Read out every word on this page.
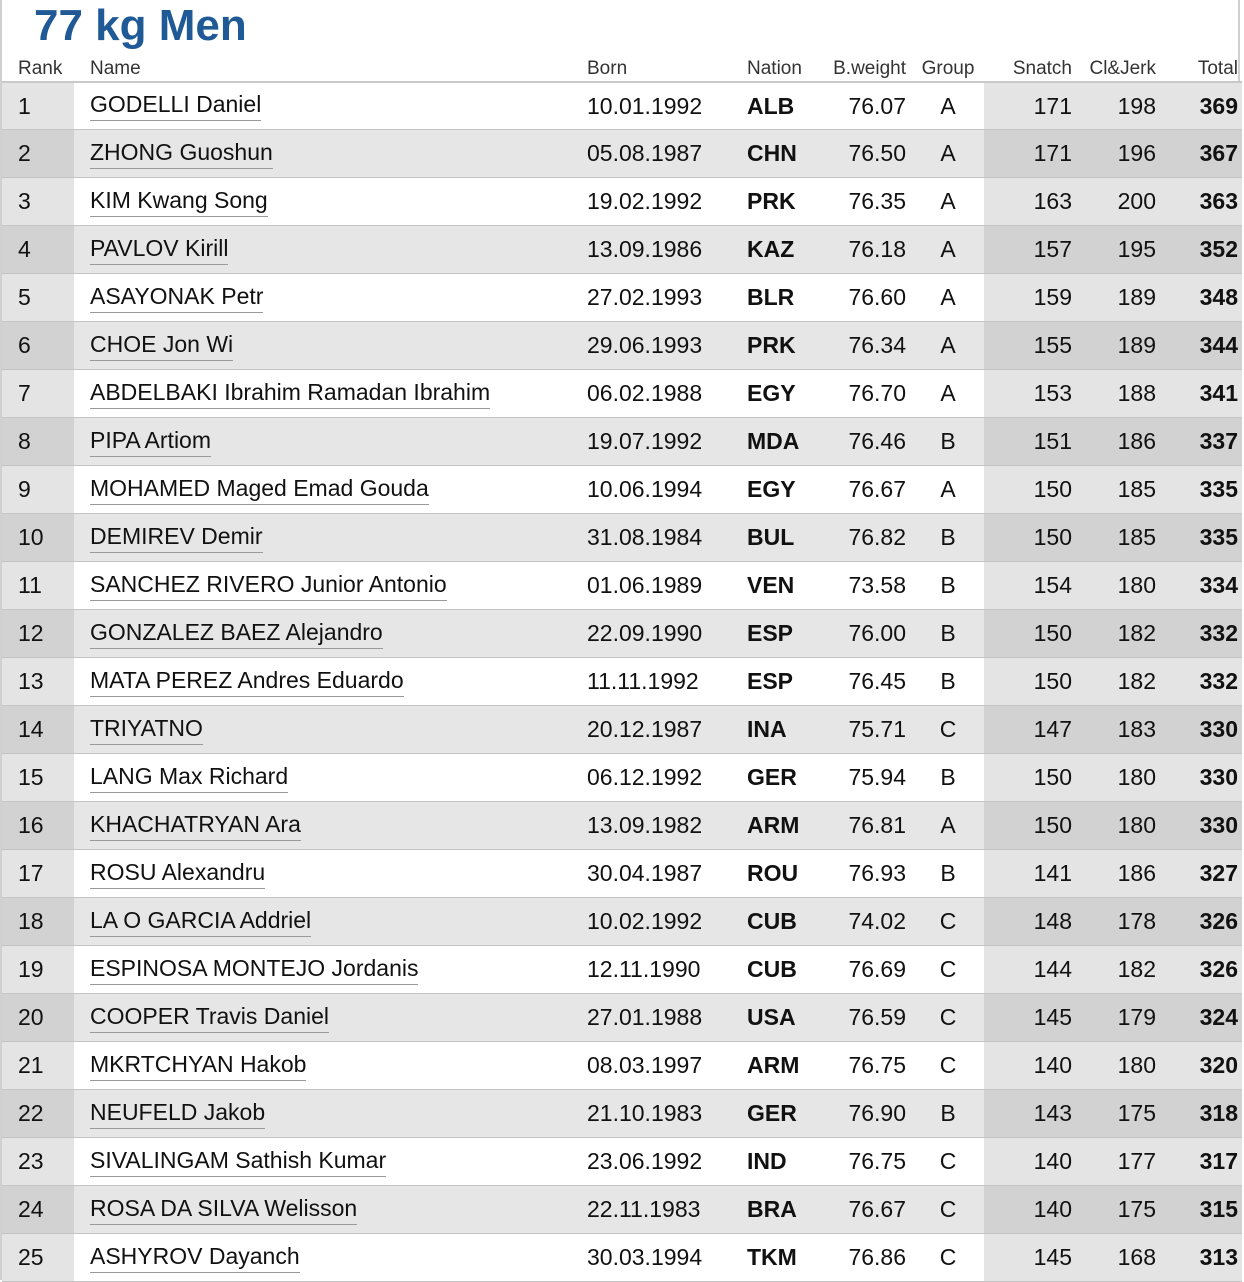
77 kg Men
Rank	Name	Born	Nation	B.weight	Group	Snatch	Cl&Jerk	Total
1	GODELLI Daniel	10.01.1992	ALB	76.07	A	171	198	369
2	ZHONG Guoshun	05.08.1987	CHN	76.50	A	171	196	367
3	KIM Kwang Song	19.02.1992	PRK	76.35	A	163	200	363
4	PAVLOV Kirill	13.09.1986	KAZ	76.18	A	157	195	352
5	ASAYONAK Petr	27.02.1993	BLR	76.60	A	159	189	348
6	CHOE Jon Wi	29.06.1993	PRK	76.34	A	155	189	344
7	ABDELBAKI Ibrahim Ramadan Ibrahim	06.02.1988	EGY	76.70	A	153	188	341
8	PIPA Artiom	19.07.1992	MDA	76.46	B	151	186	337
9	MOHAMED Maged Emad Gouda	10.06.1994	EGY	76.67	A	150	185	335
10	DEMIREV Demir	31.08.1984	BUL	76.82	B	150	185	335
11	SANCHEZ RIVERO Junior Antonio	01.06.1989	VEN	73.58	B	154	180	334
12	GONZALEZ BAEZ Alejandro	22.09.1990	ESP	76.00	B	150	182	332
13	MATA PEREZ Andres Eduardo	11.11.1992	ESP	76.45	B	150	182	332
14	TRIYATNO	20.12.1987	INA	75.71	C	147	183	330
15	LANG Max Richard	06.12.1992	GER	75.94	B	150	180	330
16	KHACHATRYAN Ara	13.09.1982	ARM	76.81	A	150	180	330
17	ROSU Alexandru	30.04.1987	ROU	76.93	B	141	186	327
18	LA O GARCIA Addriel	10.02.1992	CUB	74.02	C	148	178	326
19	ESPINOSA MONTEJO Jordanis	12.11.1990	CUB	76.69	C	144	182	326
20	COOPER Travis Daniel	27.01.1988	USA	76.59	C	145	179	324
21	MKRTCHYAN Hakob	08.03.1997	ARM	76.75	C	140	180	320
22	NEUFELD Jakob	21.10.1983	GER	76.90	B	143	175	318
23	SIVALINGAM Sathish Kumar	23.06.1992	IND	76.75	C	140	177	317
24	ROSA DA SILVA Welisson	22.11.1983	BRA	76.67	C	140	175	315
25	ASHYROV Dayanch	30.03.1994	TKM	76.86	C	145	168	313
